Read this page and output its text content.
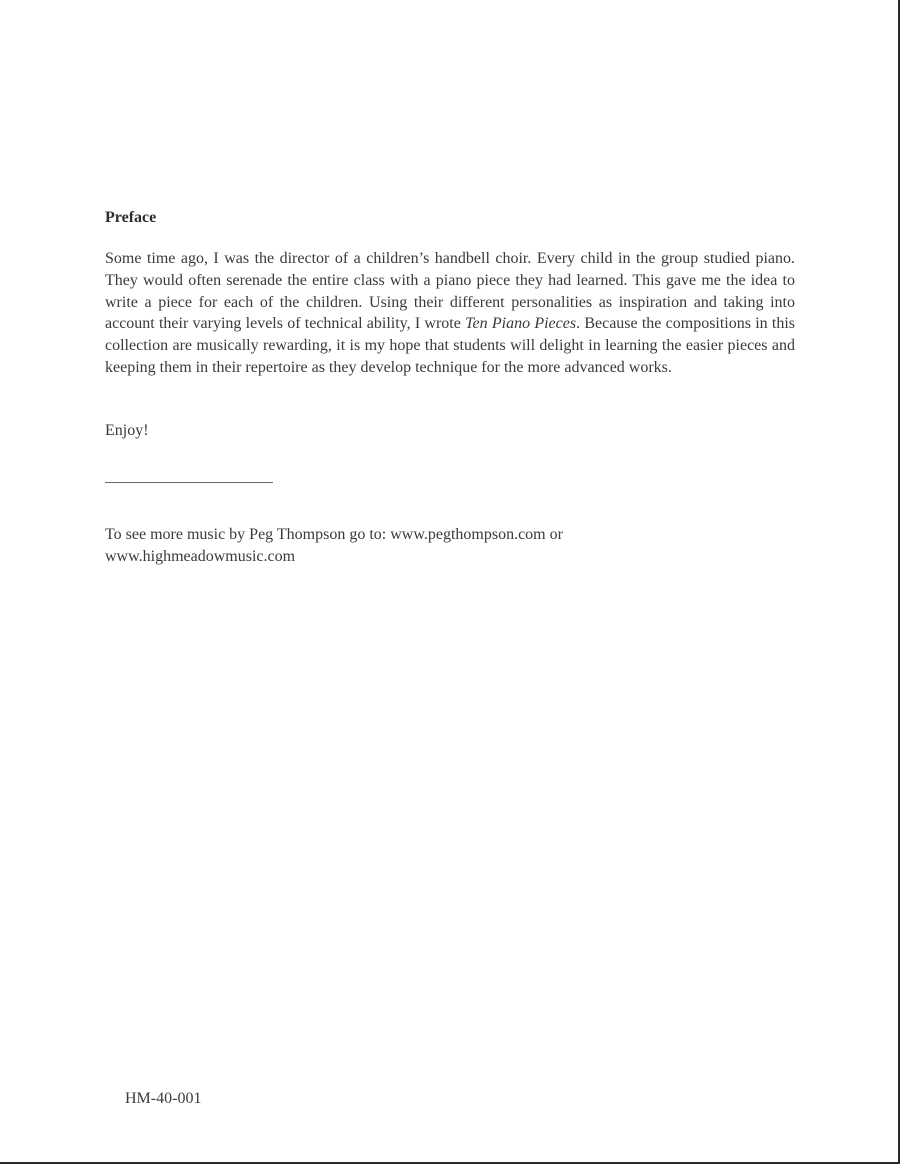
Preface
Some time ago, I was the director of a children’s handbell choir. Every child in the group studied piano. They would often serenade the entire class with a piano piece they had learned. This gave me the idea to write a piece for each of the children. Using their different personalities as inspiration and taking into account their varying levels of technical ability, I wrote Ten Piano Pieces. Because the compositions in this collection are musically rewarding, it is my hope that students will delight in learning the easier pieces and keeping them in their repertoire as they develop technique for the more advanced works.
Enjoy!
To see more music by Peg Thompson go to: www.pegthompson.com or
www.highmeadowmusic.com
HM-40-001
